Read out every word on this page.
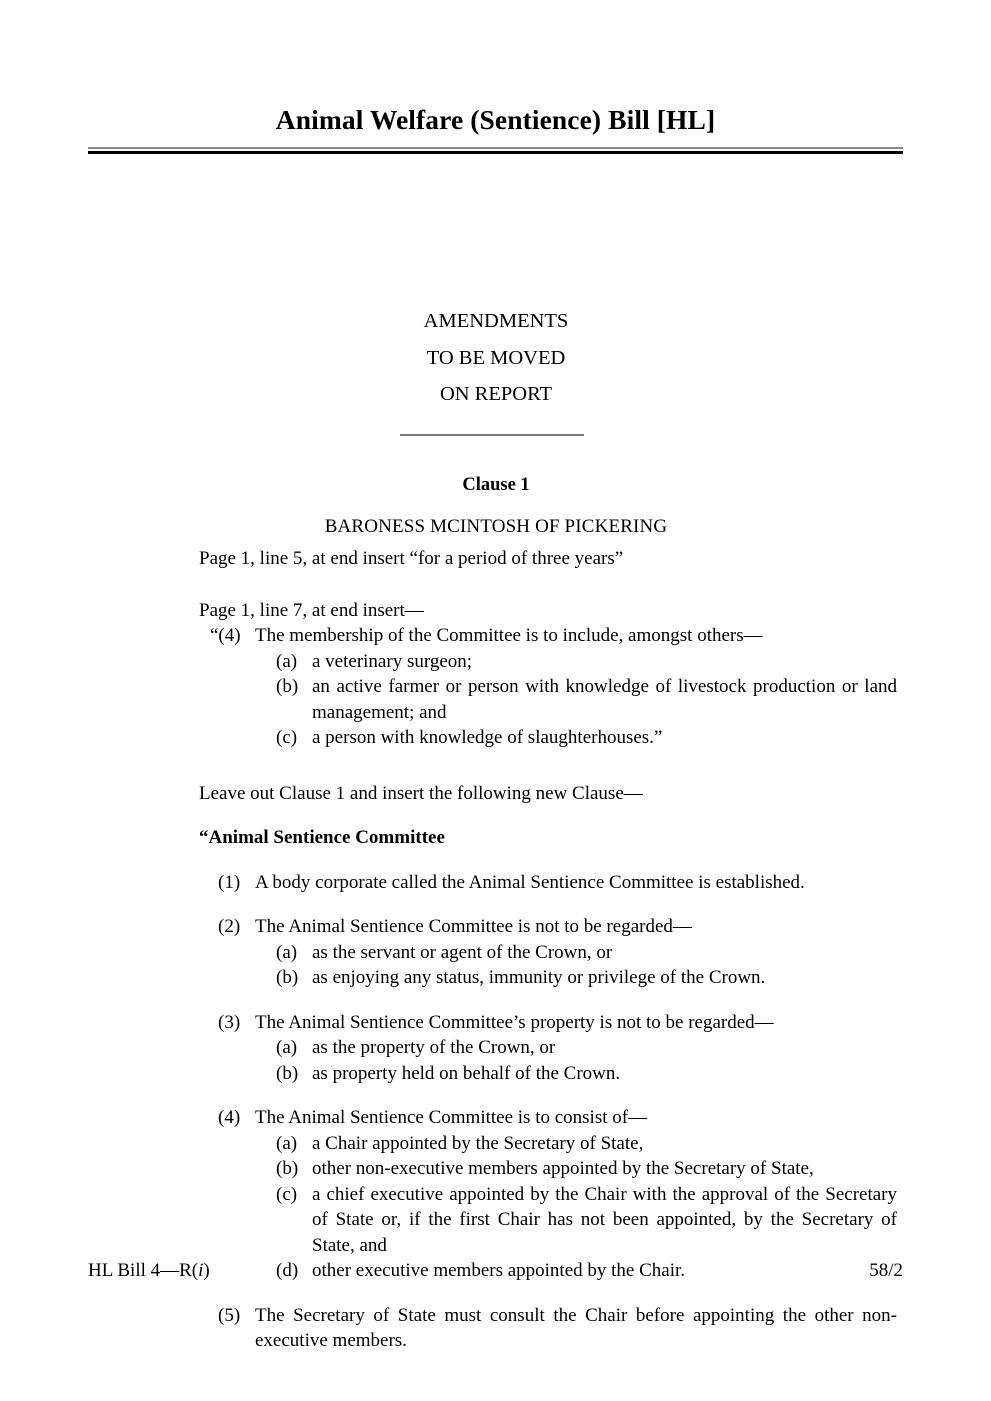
Animal Welfare (Sentience) Bill [HL]
AMENDMENTS
TO BE MOVED
ON REPORT
Clause 1
BARONESS MCINTOSH OF PICKERING

Page 1, line 5, at end insert “for a period of three years”

Page 1, line 7, at end insert—

“(4) The membership of the Committee is to include, amongst others—
(a) a veterinary surgeon;
(b) an active farmer or person with knowledge of livestock production or land management; and
(c) a person with knowledge of slaughterhouses.”

Leave out Clause 1 and insert the following new Clause—

“Animal Sentience Committee

(1) A body corporate called the Animal Sentience Committee is established.
(2) The Animal Sentience Committee is not to be regarded—
(a) as the servant or agent of the Crown, or
(b) as enjoying any status, immunity or privilege of the Crown.
(3) The Animal Sentience Committee’s property is not to be regarded—
(a) as the property of the Crown, or
(b) as property held on behalf of the Crown.
(4) The Animal Sentience Committee is to consist of—
(a) a Chair appointed by the Secretary of State,
(b) other non-executive members appointed by the Secretary of State,
(c) a chief executive appointed by the Chair with the approval of the Secretary of State or, if the first Chair has not been appointed, by the Secretary of State, and
(d) other executive members appointed by the Chair.
(5) The Secretary of State must consult the Chair before appointing the other non-executive members.
HL Bill 4—R(i)	58/2
